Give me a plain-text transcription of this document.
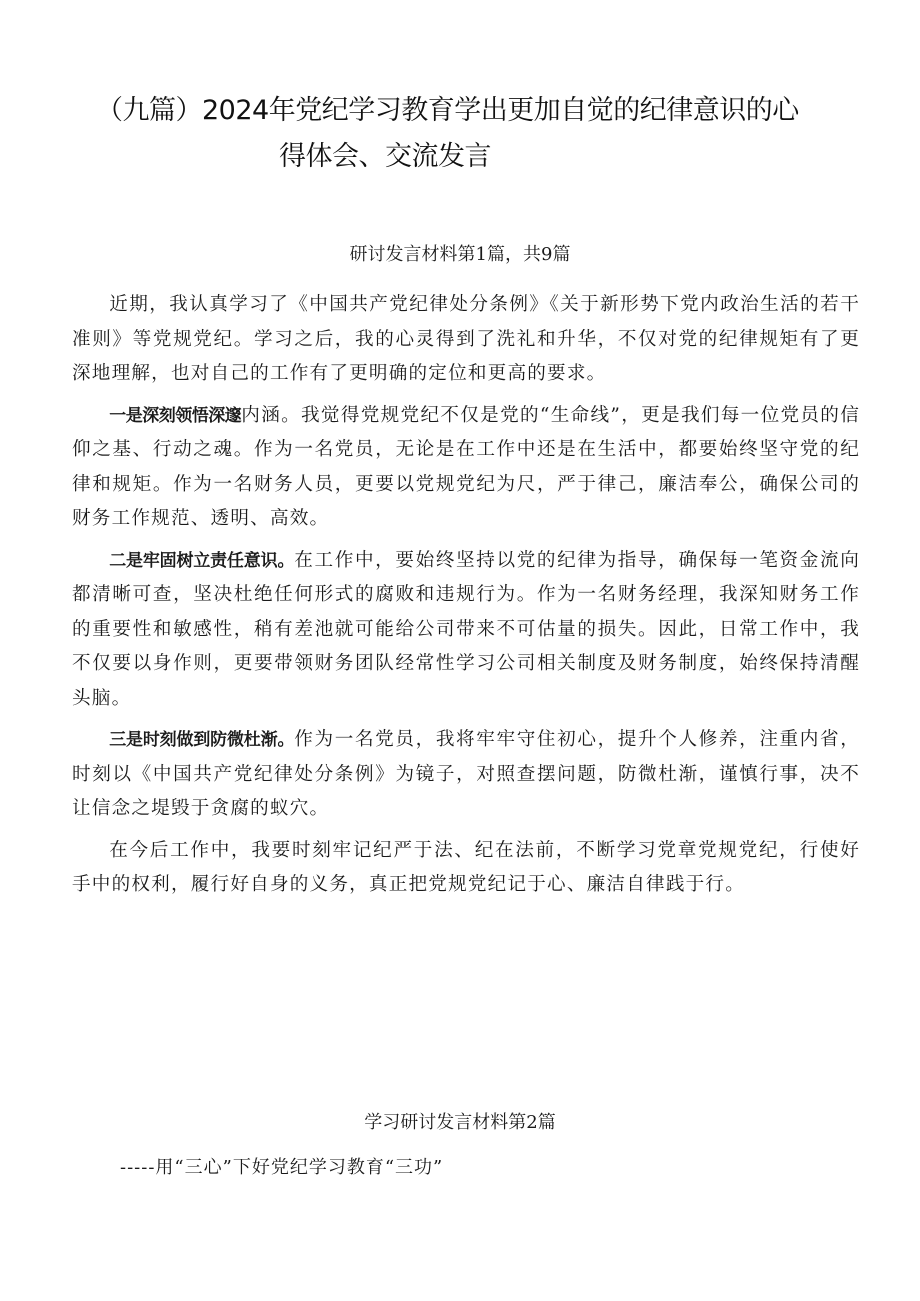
（九篇）2024年党纪学习教育学出更加自觉的纪律意识的心
得体会、交流发言
研讨发言材料第1篇，共9篇

近期，我认真学习了《中国共产党纪律处分条例》《关于新形势下党内政治生活的若干准则》等党规党纪。学习之后，我的心灵得到了洗礼和升华，不仅对党的纪律规矩有了更深地理解，也对自己的工作有了更明确的定位和更高的要求。

一是深刻领悟深邃内涵。我觉得党规党纪不仅是党的“生命线”，更是我们每一位党员的信仰之基、行动之魂。作为一名党员，无论是在工作中还是在生活中，都要始终坚守党的纪律和规矩。作为一名财务人员，更要以党规党纪为尺，严于律己，廉洁奉公，确保公司的财务工作规范、透明、高效。

二是牢固树立责任意识。在工作中，要始终坚持以党的纪律为指导，确保每一笔资金流向都清晰可查，坚决杜绝任何形式的腐败和违规行为。作为一名财务经理，我深知财务工作的重要性和敏感性，稍有差池就可能给公司带来不可估量的损失。因此，日常工作中，我不仅要以身作则，更要带领财务团队经常性学习公司相关制度及财务制度，始终保持清醒头脑。

三是时刻做到防微杜渐。作为一名党员，我将牢牢守住初心，提升个人修养，注重内省，时刻以《中国共产党纪律处分条例》为镜子，对照查摆问题，防微杜渐，谨慎行事，决不让信念之堤毁于贪腐的蚁穴。

在今后工作中，我要时刻牢记纪严于法、纪在法前，不断学习党章党规党纪，行使好手中的权利，履行好自身的义务，真正把党规党纪记于心、廉洁自律践于行。

学习研讨发言材料第2篇

-----用“三心”下好党纪学习教育“三功”
